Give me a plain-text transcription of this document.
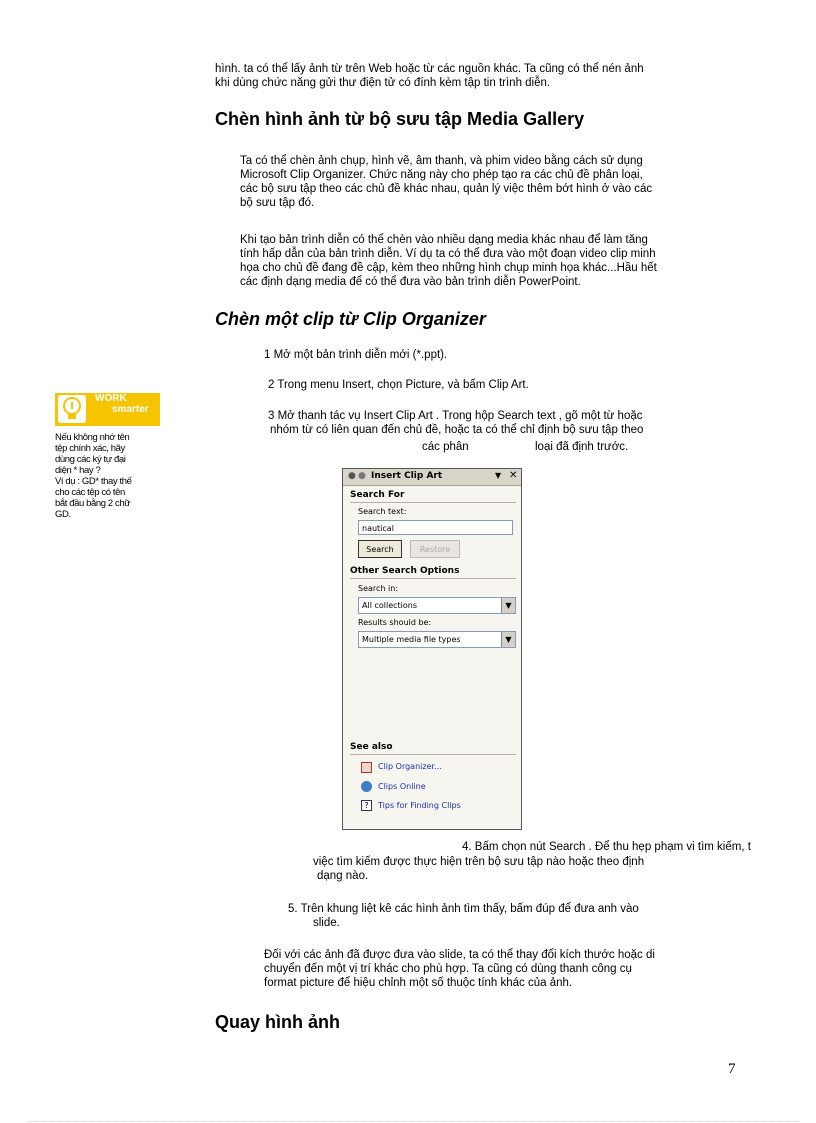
hình. ta có thể lấy ảnh từ trên Web hoặc từ các nguồn khác. Ta cũng có thể nén ảnh

khi dùng chức năng gửi thư điện tử có đính kèm tập tin trình diễn.

Chèn hình ảnh từ bộ sưu tập Media Gallery

Ta có thể chèn ảnh chụp, hình vẽ, âm thanh, và phim video bằng cách sử dụng

Microsoft Clip Organizer. Chức năng này cho phép tạo ra các chủ đề phân loại,

các bộ sưu tập theo các chủ đề khác nhau, quản lý việc thêm bớt hình ở vào các

bộ sưu tập đó.

Khi tạo bản trình diễn có thể chèn vào nhiều dạng media khác nhau để làm tăng

tính hấp dẫn của bản trình diễn. Ví dụ ta có thể đưa vào một đoạn video clip minh

họa cho chủ đề đang đề cập, kèm theo những hình chụp minh họa khác...Hầu hết

các định dạng media để có thể đưa vào bản trình diễn PowerPoint.

Chèn một clip từ Clip Organizer

1 Mở một bản trình diễn mới (*.ppt).

2 Trong menu Insert, chọn Picture, và bấm Clip Art.

3 Mở thanh tác vụ Insert Clip Art . Trong hộp Search text , gõ một từ hoặc

nhóm từ có liên quan đến chủ đề, hoặc ta có thể chỉ định bộ sưu tập theo

các phân	loại đã định trước.

WORK
smarter
Nếu không nhớ tên
tệp chính xác, hãy
dùng các ký tự đại
diện * hay ?
Ví dụ : GD* thay thế
cho các tệp có tên
bắt đầu bằng 2 chữ
GD.
● ● Insert Clip Art	▼ ✕
Search For
Search text:
nautical
Search	Restore
Other Search Options
Search in:
All collections	▼
Results should be:
Multiple media file types	▼
See also
Clip Organizer...
Clips Online
?	Tips for Finding Clips

4. Bấm chọn nút Search . Để thu hẹp phạm vi tìm kiếm, t

việc tìm kiếm được thực hiện trên bộ sưu tập nào hoặc theo định

dạng nào.

5. Trên khung liệt kê các hình ảnh tìm thấy, bấm đúp để đưa anh vào

slide.

Đối với các ảnh đã được đưa vào slide, ta có thể thay đổi kích thước hoặc di

chuyển đến một vị trí khác cho phù hợp. Ta cũng có dùng thanh công cụ

format picture để hiệu chỉnh một số thuộc tính khác của ảnh.

Quay hình ảnh
7
